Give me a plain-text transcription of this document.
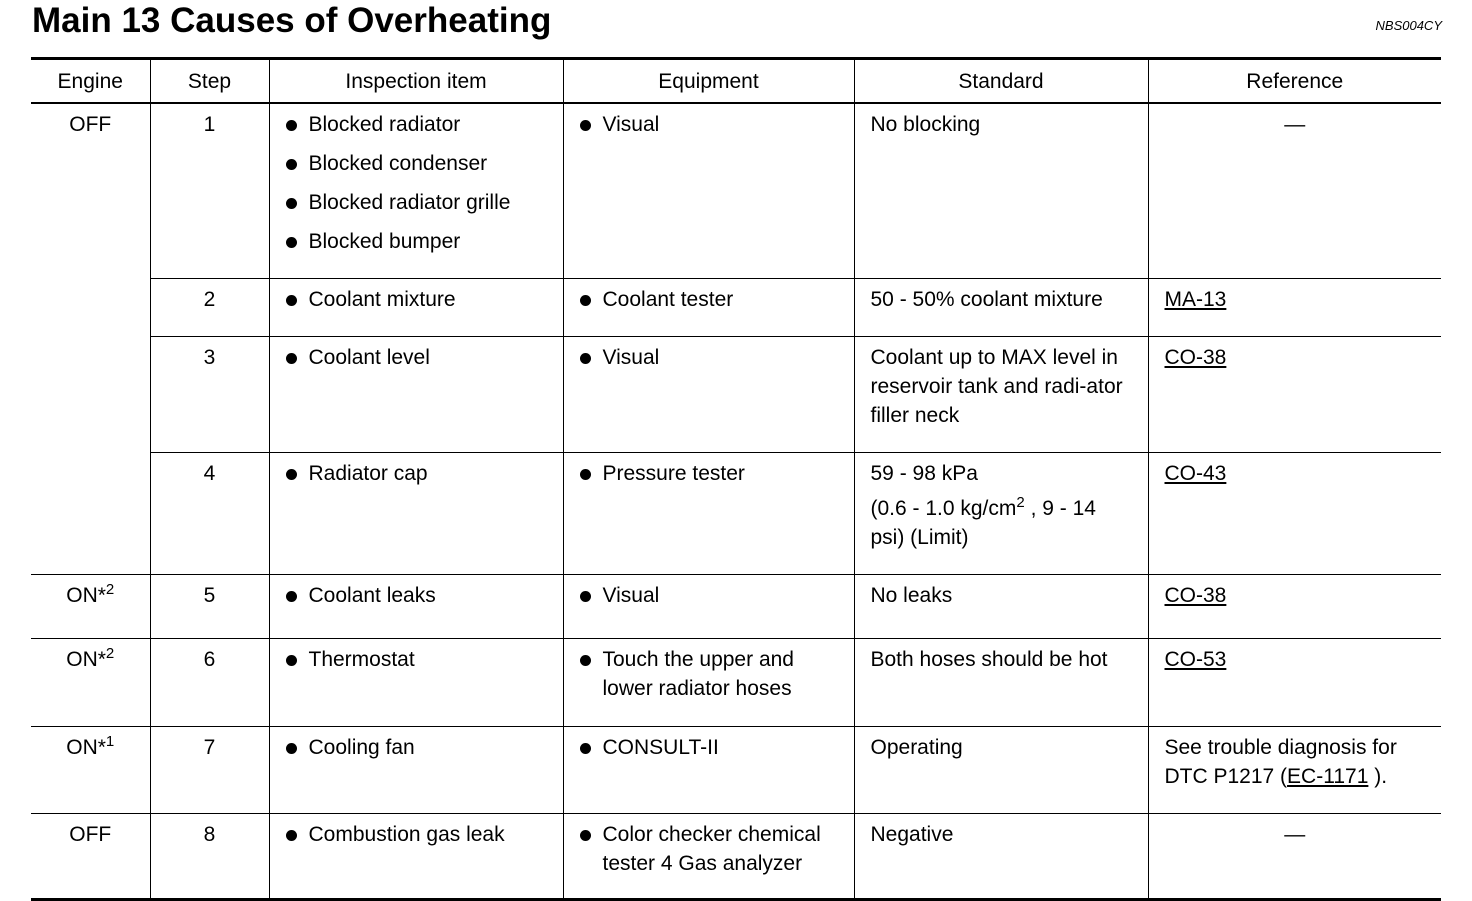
Main 13 Causes of Overheating	NBS004CY
Engine	Step	Inspection item	Equipment	Standard	Reference
OFF	1	Blocked radiator
Blocked condenser
Blocked radiator grille
Blocked bumper	Visual	No blocking	—
	2	Coolant mixture	Coolant tester	50 - 50% coolant mixture	MA-13
	3	Coolant level	Visual	Coolant up to MAX level in reservoir tank and radi-ator filler neck	CO-38
	4	Radiator cap	Pressure tester	59 - 98 kPa
(0.6 - 1.0 $kg/cm^2$ , 9 - 14
psi) (Limit)	CO-43
ON*$^2$	5	Coolant leaks	Visual	No leaks	CO-38
ON*$^2$	6	Thermostat	Touch the upper and lower radiator hoses	Both hoses should be hot	CO-53
ON*$^1$	7	Cooling fan	CONSULT-II	Operating	See trouble diagnosis for DTC P1217 (EC-1171 ).
OFF	8	Combustion gas leak	Color checker chemical tester 4 Gas analyzer	Negative	—
